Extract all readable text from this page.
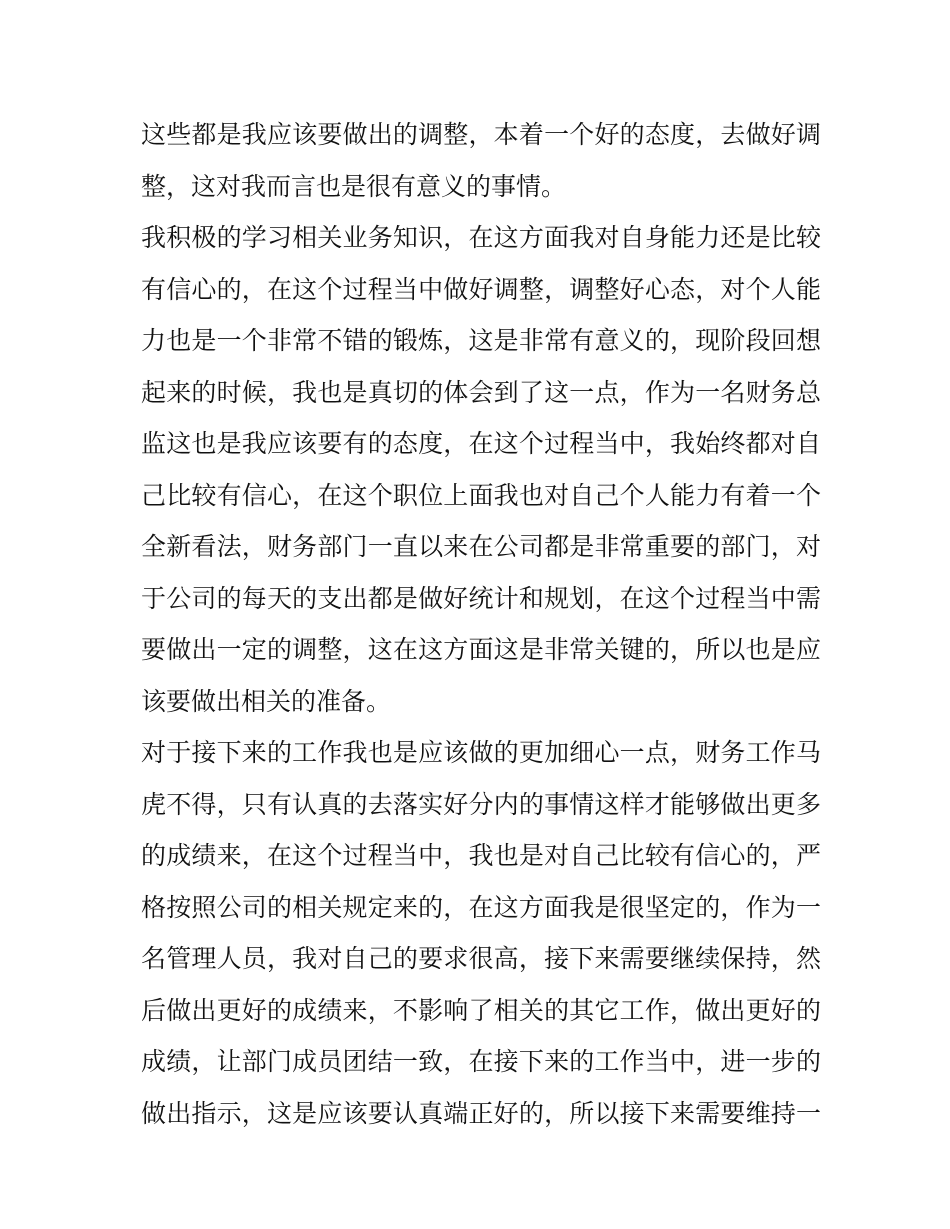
这些都是我应该要做出的调整，本着一个好的态度，去做好调
整，这对我而言也是很有意义的事情。
我积极的学习相关业务知识，在这方面我对自身能力还是比较
有信心的，在这个过程当中做好调整，调整好心态，对个人能
力也是一个非常不错的锻炼，这是非常有意义的，现阶段回想
起来的时候，我也是真切的体会到了这一点，作为一名财务总
监这也是我应该要有的态度，在这个过程当中，我始终都对自
己比较有信心，在这个职位上面我也对自己个人能力有着一个
全新看法，财务部门一直以来在公司都是非常重要的部门，对
于公司的每天的支出都是做好统计和规划，在这个过程当中需
要做出一定的调整，这在这方面这是非常关键的，所以也是应
该要做出相关的准备。
对于接下来的工作我也是应该做的更加细心一点，财务工作马
虎不得，只有认真的去落实好分内的事情这样才能够做出更多
的成绩来，在这个过程当中，我也是对自己比较有信心的，严
格按照公司的相关规定来的，在这方面我是很坚定的，作为一
名管理人员，我对自己的要求很高，接下来需要继续保持，然
后做出更好的成绩来，不影响了相关的其它工作，做出更好的
成绩，让部门成员团结一致，在接下来的工作当中，进一步的
做出指示，这是应该要认真端正好的，所以接下来需要维持一
